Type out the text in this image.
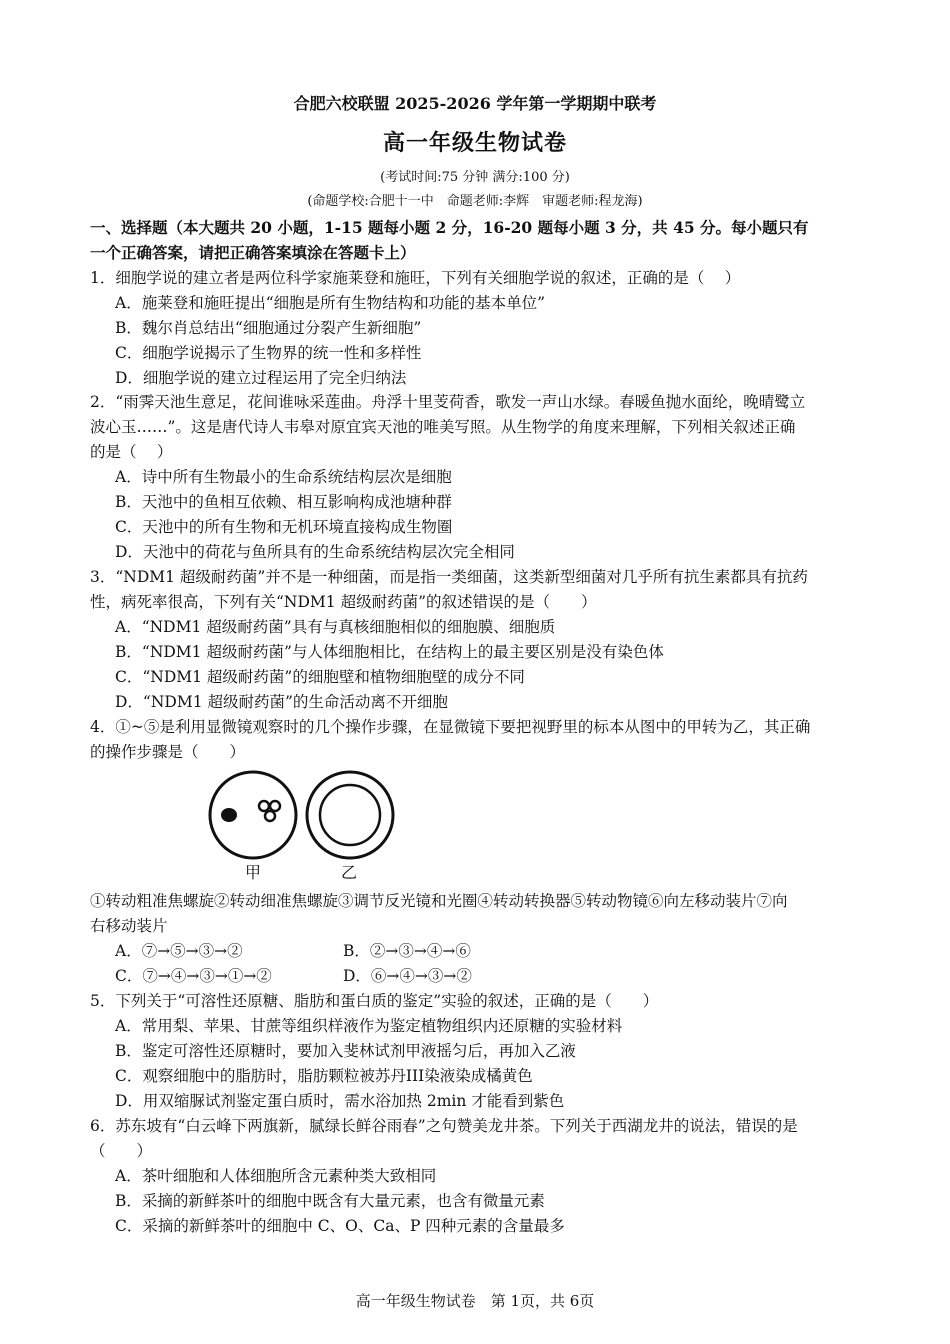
合肥六校联盟 2025-2026 学年第一学期期中联考
高一年级生物试卷
(考试时间:75 分钟 满分:100 分)
(命题学校:合肥十一中　命题老师:李辉　审题老师:程龙海)
一、选择题（本大题共 20 小题，1-15 题每小题 2 分，16-20 题每小题 3 分，共 45 分。每小题只有
一个正确答案，请把正确答案填涂在答题卡上）
1．细胞学说的建立者是两位科学家施莱登和施旺，下列有关细胞学说的叙述，正确的是（　 ）
A．施莱登和施旺提出“细胞是所有生物结构和功能的基本单位”
B．魏尔肖总结出“细胞通过分裂产生新细胞”
C．细胞学说揭示了生物界的统一性和多样性
D．细胞学说的建立过程运用了完全归纳法
2．“雨霁天池生意足，花间谁咏采莲曲。舟浮十里芰荷香，歌发一声山水绿。春暖鱼抛水面纶，晚晴鹭立
波心玉……”。这是唐代诗人韦皋对原宜宾天池的唯美写照。从生物学的角度来理解，下列相关叙述正确
的是（　 ）
A．诗中所有生物最小的生命系统结构层次是细胞
B．天池中的鱼相互依赖、相互影响构成池塘种群
C．天池中的所有生物和无机环境直接构成生物圈
D．天池中的荷花与鱼所具有的生命系统结构层次完全相同
3．“NDM1 超级耐药菌”并不是一种细菌，而是指一类细菌，这类新型细菌对几乎所有抗生素都具有抗药
性，病死率很高，下列有关“NDM1 超级耐药菌”的叙述错误的是（　　）
A．“NDM1 超级耐药菌”具有与真核细胞相似的细胞膜、细胞质
B．“NDM1 超级耐药菌”与人体细胞相比，在结构上的最主要区别是没有染色体
C．“NDM1 超级耐药菌”的细胞壁和植物细胞壁的成分不同
D．“NDM1 超级耐药菌”的生命活动离不开细胞
4．①~⑤是利用显微镜观察时的几个操作步骤，在显微镜下要把视野里的标本从图中的甲转为乙，其正确
的操作步骤是（　　）
甲	乙
①转动粗准焦螺旋②转动细准焦螺旋③调节反光镜和光圈④转动转换器⑤转动物镜⑥向左移动装片⑦向
右移动装片
A．⑦→⑤→③→②	B．②→③→④→⑥
C．⑦→④→③→①→②	D．⑥→④→③→②
5．下列关于“可溶性还原糖、脂肪和蛋白质的鉴定”实验的叙述，正确的是（　　）
A．常用梨、苹果、甘蔗等组织样液作为鉴定植物组织内还原糖的实验材料
B．鉴定可溶性还原糖时，要加入斐林试剂甲液摇匀后，再加入乙液
C．观察细胞中的脂肪时，脂肪颗粒被苏丹III染液染成橘黄色
D．用双缩脲试剂鉴定蛋白质时，需水浴加热 2min 才能看到紫色
6．苏东坡有“白云峰下两旗新，腻绿长鲜谷雨春”之句赞美龙井茶。下列关于西湖龙井的说法，错误的是
（　　）
A．茶叶细胞和人体细胞所含元素种类大致相同
B．采摘的新鲜茶叶的细胞中既含有大量元素，也含有微量元素
C．采摘的新鲜茶叶的细胞中 C、O、Ca、P 四种元素的含量最多
高一年级生物试卷　第 1页，共 6页
